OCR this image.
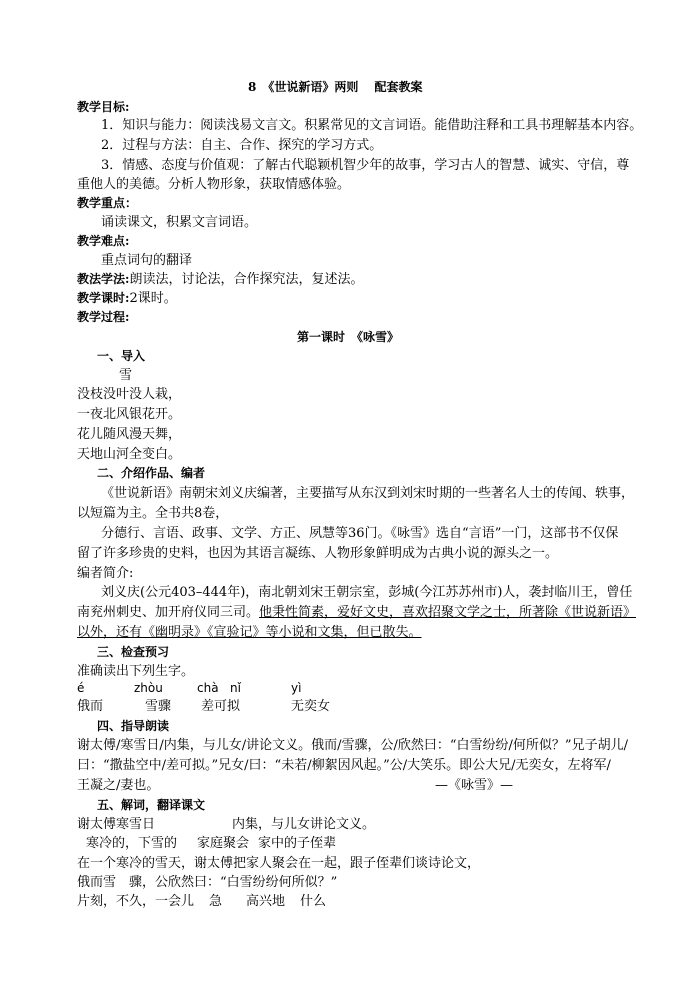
8　《世说新语》两则　 配套教案
教学目标:
1．知识与能力：阅读浅易文言文。积累常见的文言词语。能借助注释和工具书理解基本内容。
2．过程与方法：自主、合作、探究的学习方式。
3．情感、态度与价值观：了解古代聪颖机智少年的故事，学习古人的智慧、诚实、守信，尊
重他人的美德。分析人物形象，获取情感体验。
教学重点：
诵读课文，积累文言词语。
教学难点:
重点词句的翻译
教法学法:朗读法，讨论法，合作探究法，复述法。
教学课时:2课时。
教学过程:
第一课时　《咏雪》
一、导入
雪
没枝没叶没人栽，
一夜北风银花开。
花儿随风漫天舞，
天地山河全变白。
二、介绍作品、编者
《世说新语》南朝宋刘义庆编著，主要描写从东汉到刘宋时期的一些著名人士的传闻、轶事，
以短篇为主。全书共8卷，
分德行、言语、政事、文学、方正、夙慧等36门。《咏雪》选自“言语”一门，这部书不仅保
留了许多珍贵的史料，也因为其语言凝练、人物形象鲜明成为古典小说的源头之一。
编者简介:
刘义庆(公元403–444年)，南北朝刘宋王朝宗室，彭城(今江苏苏州市)人，袭封临川王，曾任
南兖州刺史、加开府仪同三司。他秉性简素，爱好文史，喜欢招聚文学之士，所著除《世说新语》
以外，还有《幽明录》《宣验记》等小说和文集，但已散失。
三、检查预习
准确读出下列生字。
é	zhòu	chà nǐ	yì
俄而	雪骤 差可拟	无奕女
四、指导朗读
谢太傅/寒雪日/内集，与儿女/讲论文义。俄而/雪骤，公/欣然曰：“白雪纷纷/何所似？”兄子胡儿/
曰：“撒盐空中/差可拟。”兄女/曰：“未若/柳絮因风起。”公/大笑乐。即公大兄/无奕女，左将军/
王凝之/妻也。	—《咏雪》—
五、解词，翻译课文
谢太傅寒雪日	内集，与儿女讲论文义。
寒冷的，下雪的 家庭聚会 家中的子侄辈
在一个寒冷的雪天，谢太傅把家人聚会在一起，跟子侄辈们谈诗论文，
俄而雪　骤，公欣然曰：“白雪纷纷何所似？”
片刻，不久，一会儿 急 高兴地 什么
